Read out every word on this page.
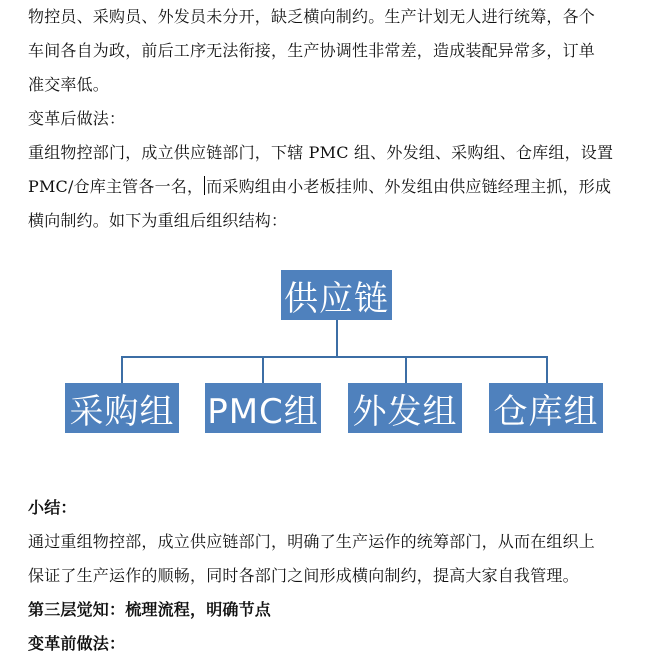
物控员、采购员、外发员未分开，缺乏横向制约。生产计划无人进行统筹，各个
车间各自为政，前后工序无法衔接，生产协调性非常差，造成装配异常多，订单
准交率低。
变革后做法：
重组物控部门，成立供应链部门，下辖 PMC 组、外发组、采购组、仓库组，设置
PMC/仓库主管各一名， 而采购组由小老板挂帅、外发组由供应链经理主抓，形成
横向制约。如下为重组后组织结构：
供应链
采购组 PMC组 外发组 仓库组
小结：
通过重组物控部，成立供应链部门，明确了生产运作的统筹部门，从而在组织上
保证了生产运作的顺畅，同时各部门之间形成横向制约，提高大家自我管理。
第三层觉知：梳理流程，明确节点
变革前做法：
